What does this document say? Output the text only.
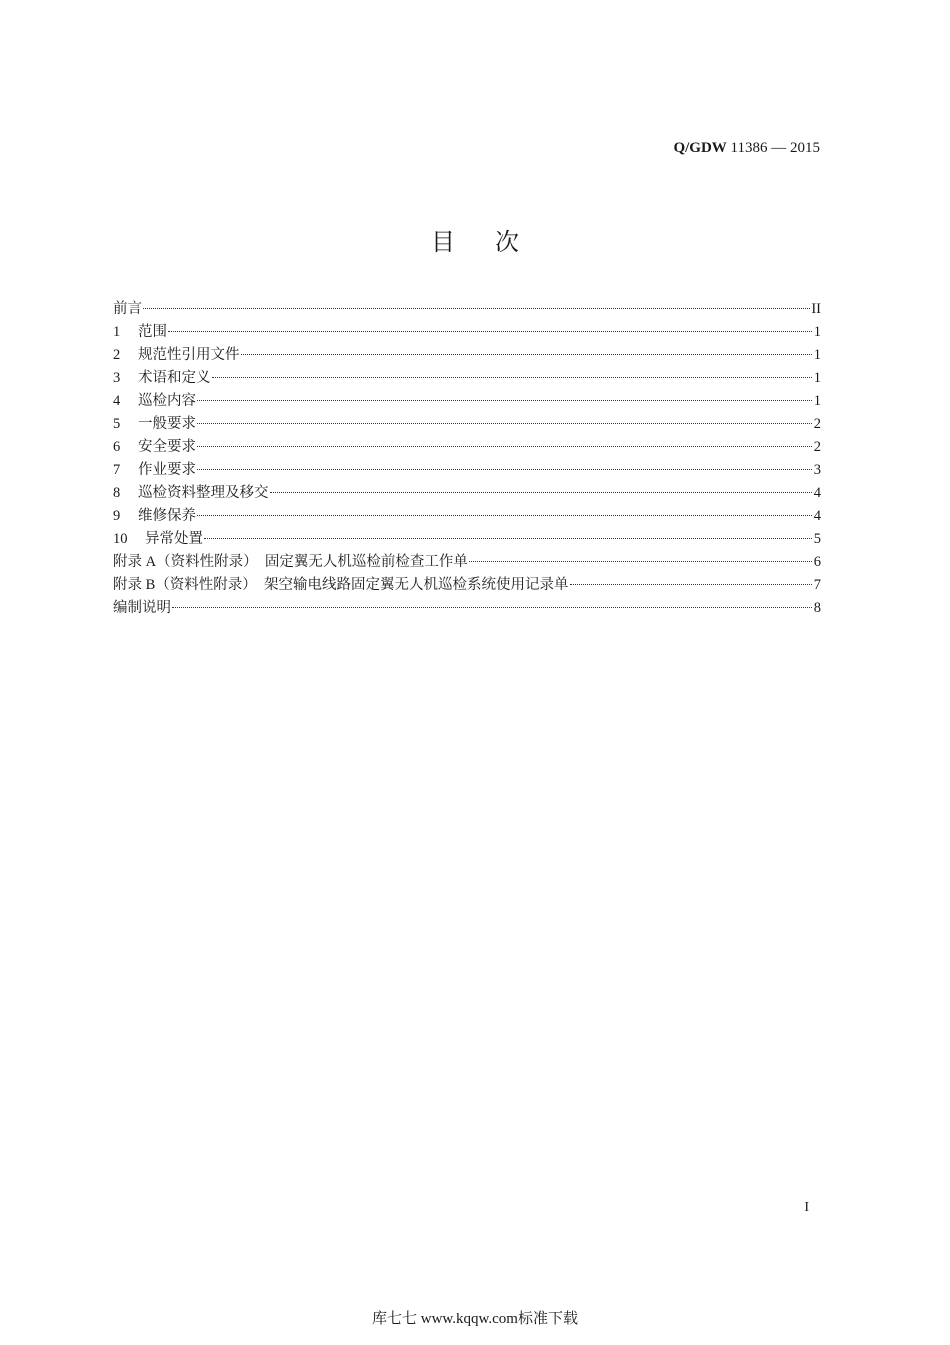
Q/GDW 11386 — 2015
目次
前言	II
1	范围	1
2	规范性引用文件	1
3	术语和定义	1
4	巡检内容	1
5	一般要求	2
6	安全要求	2
7	作业要求	3
8	巡检资料整理及移交	4
9	维修保养	4
10	异常处置	5
附录 A（资料性附录）　固定翼无人机巡检前检查工作单	6
附录 B（资料性附录）　架空输电线路固定翼无人机巡检系统使用记录单	7
编制说明	8
I
库七七 www.kqqw.com标准下载
